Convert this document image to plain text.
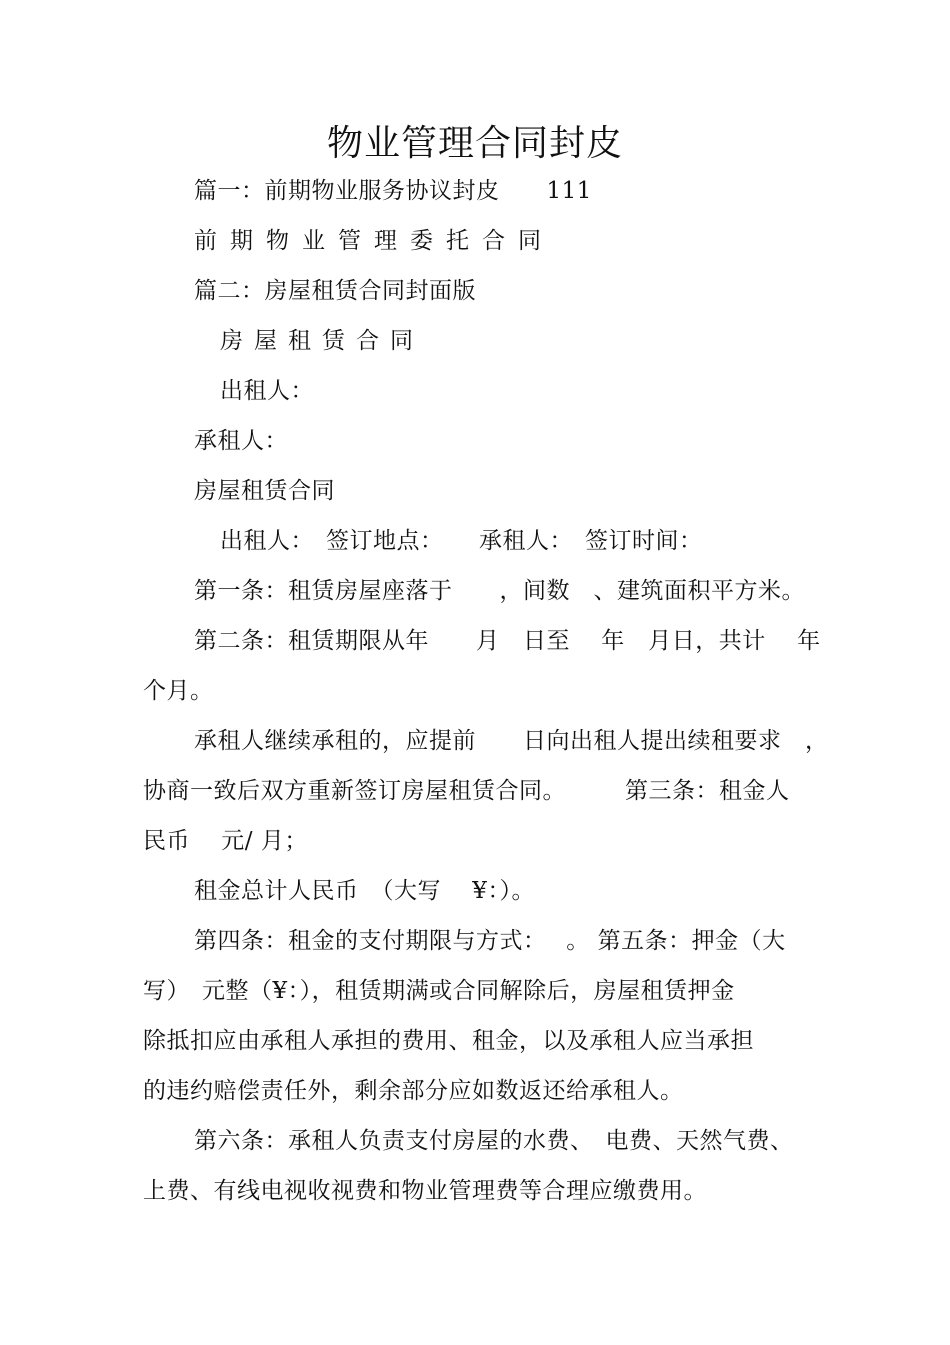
物业管理合同封皮
篇一：前期物业服务协议封皮　　111
前期物业管理委托合同
篇二：房屋租赁合同封面版
房屋租赁合同
出租人：
承租人：
房屋租赁合同
出租人：　签订地点：　　承租人：　签订时间：
第一条：租赁房屋座落于　　，间数　、建筑面积平方米。
第二条：租赁期限从年　　月　日至　 年　月日，共计　 年
个月。
承租人继续承租的，应提前　　日向出租人提出续租要求　，
协商一致后双方重新签订房屋租赁合同。　　　第三条：租金人
民币　 元/ 月；
租金总计人民币　（大写　 ¥：）。
第四条：租金的支付期限与方式：　 。 第五条：押金（大
写）　元整（¥：），租赁期满或合同解除后，房屋租赁押金
除抵扣应由承租人承担的费用、租金，以及承租人应当承担
的违约赔偿责任外，剩余部分应如数返还给承租人。
第六条：承租人负责支付房屋的水费、　电费、天然气费、
上费、有线电视收视费和物业管理费等合理应缴费用。
